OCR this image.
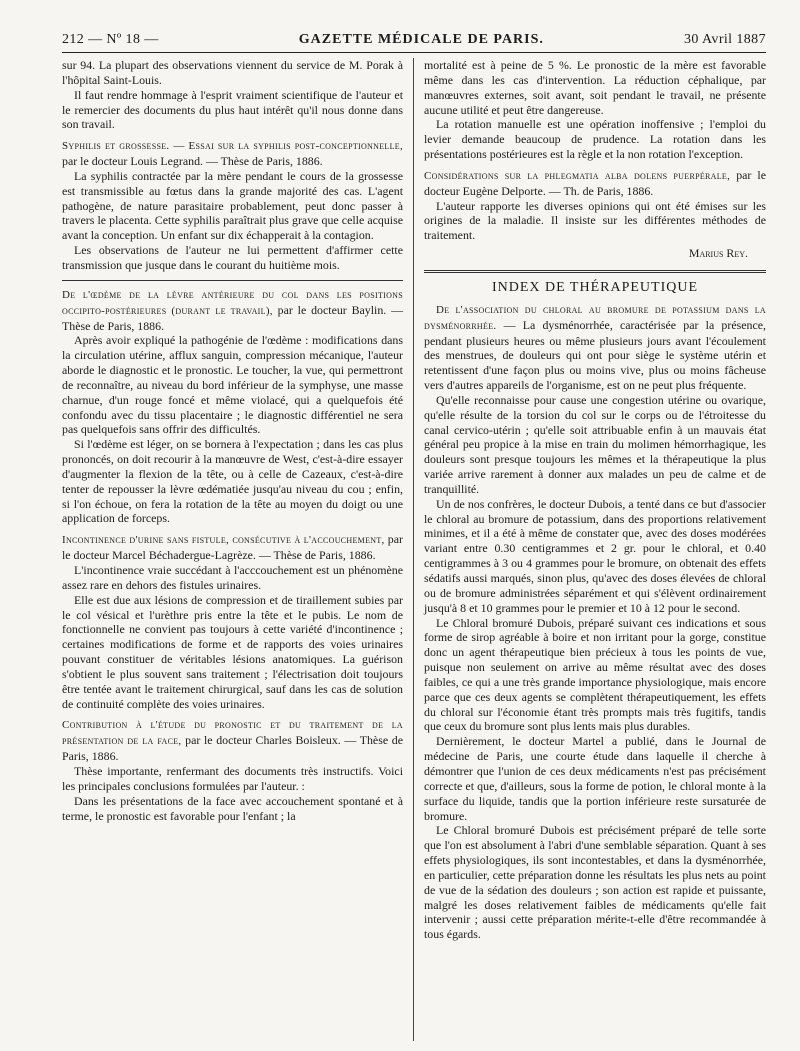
212 — Nº 18 —	GAZETTE MÉDICALE DE PARIS.	30 Avril 1887

sur 94. La plupart des observations viennent du service de M. Porak à l'hôpital Saint-Louis.

Il faut rendre hommage à l'esprit vraiment scientifique de l'auteur et le remercier des documents du plus haut intérêt qu'il nous donne dans son travail.

Syphilis et grossesse. — Essai sur la syphilis post-conceptionnelle, par le docteur Louis Legrand. — Thèse de Paris, 1886.

La syphilis contractée par la mère pendant le cours de la grossesse est transmissible au fœtus dans la grande majorité des cas. L'agent pathogène, de nature parasitaire probablement, peut donc passer à travers le placenta. Cette syphilis paraîtrait plus grave que celle acquise avant la conception. Un enfant sur dix échapperait à la contagion.

Les observations de l'auteur ne lui permettent d'affirmer cette transmission que jusque dans le courant du huitième mois.

De l'œdème de la lèvre antérieure du col dans les positions occipito-postérieures (durant le travail), par le docteur Baylin. — Thèse de Paris, 1886.

Après avoir expliqué la pathogénie de l'œdème : modifications dans la circulation utérine, afflux sanguin, compression mécanique, l'auteur aborde le diagnostic et le pronostic. Le toucher, la vue, qui permettront de reconnaître, au niveau du bord inférieur de la symphyse, une masse charnue, d'un rouge foncé et même violacé, qui a quelquefois été confondu avec du tissu placentaire ; le diagnostic différentiel ne sera pas quelquefois sans offrir des difficultés.

Si l'œdème est léger, on se bornera à l'expectation ; dans les cas plus prononcés, on doit recourir à la manœuvre de West, c'est-à-dire essayer d'augmenter la flexion de la tête, ou à celle de Cazeaux, c'est-à-dire tenter de repousser la lèvre œdématiée jusqu'au niveau du cou ; enfin, si l'on échoue, on fera la rotation de la tête au moyen du doigt ou une application de forceps.

Incontinence d'urine sans fistule, consécutive à l'accouchement, par le docteur Marcel Béchadergue-Lagrèze. — Thèse de Paris, 1886.

L'incontinence vraie succédant à l'acccouchement est un phénomène assez rare en dehors des fistules urinaires.

Elle est due aux lésions de compression et de tiraillement subies par le col vésical et l'urèthre pris entre la tête et le pubis. Le nom de fonctionnelle ne convient pas toujours à cette variété d'incontinence ; certaines modifications de forme et de rapports des voies urinaires pouvant constituer de véritables lésions anatomiques. La guérison s'obtient le plus souvent sans traitement ; l'électrisation doit toujours être tentée avant le traitement chirurgical, sauf dans les cas de solution de continuité complète des voies urinaires.

Contribution à l'étude du pronostic et du traitement de la présentation de la face, par le docteur Charles Boisleux. — Thèse de Paris, 1886.

Thèse importante, renfermant des documents très instructifs. Voici les principales conclusions formulées par l'auteur. :

Dans les présentations de la face avec accouchement spontané et à terme, le pronostic est favorable pour l'enfant ; la

mortalité est à peine de 5 %. Le pronostic de la mère est favorable même dans les cas d'intervention. La réduction céphalique, par manœuvres externes, soit avant, soit pendant le travail, ne présente aucune utilité et peut être dangereuse.

La rotation manuelle est une opération inoffensive ; l'emploi du levier demande beaucoup de prudence. La rotation dans les présentations postérieures est la règle et la non rotation l'exception.

Considérations sur la phlegmatia alba dolens puerpérale, par le docteur Eugène Delporte. — Th. de Paris, 1886.

L'auteur rapporte les diverses opinions qui ont été émises sur les origines de la maladie. Il insiste sur les différentes méthodes de traitement.

Marius Rey.
INDEX DE THÉRAPEUTIQUE

De l'association du chloral au bromure de potassium dans la dysménorrhée. — La dysménorrhée, caractérisée par la présence, pendant plusieurs heures ou même plusieurs jours avant l'écoulement des menstrues, de douleurs qui ont pour siège le système utérin et retentissent d'une façon plus ou moins vive, plus ou moins fâcheuse vers d'autres appareils de l'organisme, est on ne peut plus fréquente.

Qu'elle reconnaisse pour cause une congestion utérine ou ovarique, qu'elle résulte de la torsion du col sur le corps ou de l'étroitesse du canal cervico-utérin ; qu'elle soit attribuable enfin à un mauvais état général peu propice à la mise en train du molimen hémorrhagique, les douleurs sont presque toujours les mêmes et la thérapeutique la plus variée arrive rarement à donner aux malades un peu de calme et de tranquillité.

Un de nos confrères, le docteur Dubois, a tenté dans ce but d'associer le chloral au bromure de potassium, dans des proportions relativement minimes, et il a été à même de constater que, avec des doses modérées variant entre 0.30 centigrammes et 2 gr. pour le chloral, et 0.40 centigrammes à 3 ou 4 grammes pour le bromure, on obtenait des effets sédatifs aussi marqués, sinon plus, qu'avec des doses élevées de chloral ou de bromure administrées séparément et qui s'élèvent ordinairement jusqu'à 8 et 10 grammes pour le premier et 10 à 12 pour le second.

Le Chloral bromuré Dubois, préparé suivant ces indications et sous forme de sirop agréable à boire et non irritant pour la gorge, constitue donc un agent thérapeutique bien précieux à tous les points de vue, puisque non seulement on arrive au même résultat avec des doses faibles, ce qui a une très grande importance physiologique, mais encore parce que ces deux agents se complètent thérapeutiquement, les effets du chloral sur l'économie étant très prompts mais très fugitifs, tandis que ceux du bromure sont plus lents mais plus durables.

Dernièrement, le docteur Martel a publié, dans le Journal de médecine de Paris, une courte étude dans laquelle il cherche à démontrer que l'union de ces deux médicaments n'est pas précisément correcte et que, d'ailleurs, sous la forme de potion, le chloral monte à la surface du liquide, tandis que la portion inférieure reste sursaturée de bromure.

Le Chloral bromuré Dubois est précisément préparé de telle sorte que l'on est absolument à l'abri d'une semblable séparation. Quant à ses effets physiologiques, ils sont incontestables, et dans la dysménorrhée, en particulier, cette préparation donne les résultats les plus nets au point de vue de la sédation des douleurs ; son action est rapide et puissante, malgré les doses relativement faibles de médicaments qu'elle fait intervenir ; aussi cette préparation mérite-t-elle d'être recommandée à tous égards.
